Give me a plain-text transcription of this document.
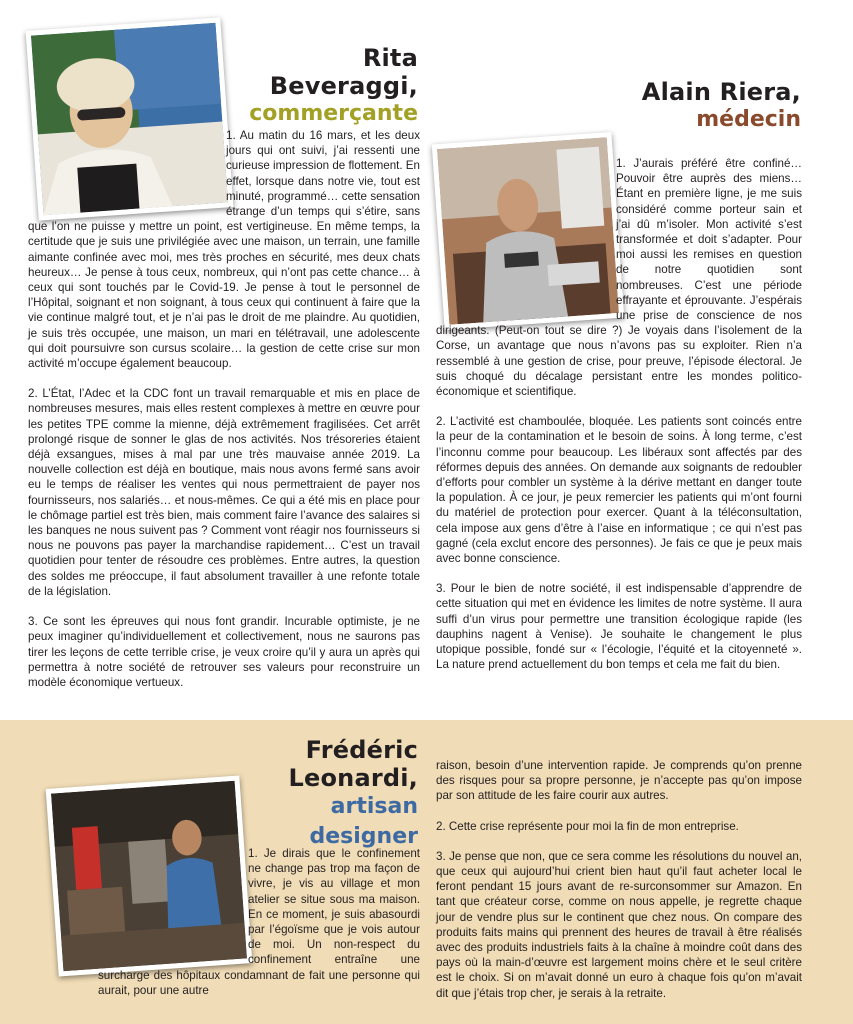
Rita Beveraggi,
commerçante

1. Au matin du 16 mars, et les deux jours qui ont suivi, j’ai ressenti une curieuse impression de flottement. En effet, lorsque dans notre vie, tout est minuté, programmé… cette sensation étrange d’un temps qui s’étire, sans que l’on ne puisse y mettre un point, est vertigineuse. En même temps, la certitude que je suis une privilégiée avec une maison, un terrain, une famille aimante confinée avec moi, mes très proches en sécurité, mes deux chats heureux… Je pense à tous ceux, nombreux, qui n’ont pas cette chance… à ceux qui sont touchés par le Covid-19. Je pense à tout le personnel de l’Hôpital, soignant et non soignant, à tous ceux qui continuent à faire que la vie continue malgré tout, et je n’ai pas le droit de me plaindre. Au quotidien, je suis très occupée, une maison, un mari en télétravail, une adolescente qui doit poursuivre son cursus scolaire… la gestion de cette crise sur mon activité m’occupe également beaucoup.

2. L’État, l’Adec et la CDC font un travail remarquable et mis en place de nombreuses mesures, mais elles restent complexes à mettre en œuvre pour les petites TPE comme la mienne, déjà extrêmement fragilisées. Cet arrêt prolongé risque de sonner le glas de nos activités. Nos trésoreries étaient déjà exsangues, mises à mal par une très mauvaise année 2019. La nouvelle collection est déjà en boutique, mais nous avons fermé sans avoir eu le temps de réaliser les ventes qui nous permettraient de payer nos fournisseurs, nos salariés… et nous-mêmes. Ce qui a été mis en place pour le chômage partiel est très bien, mais comment faire l’avance des salaires si les banques ne nous suivent pas ? Comment vont réagir nos fournisseurs si nous ne pouvons pas payer la marchandise rapidement… C’est un travail quotidien pour tenter de résoudre ces problèmes. Entre autres, la question des soldes me préoccupe, il faut absolument travailler à une refonte totale de la législation.

3. Ce sont les épreuves qui nous font grandir. Incurable optimiste, je ne peux imaginer qu’individuellement et collectivement, nous ne saurons pas tirer les leçons de cette terrible crise, je veux croire qu’il y aura un après qui permettra à notre société de retrouver ses valeurs pour reconstruire un modèle économique vertueux.

Alain Riera,
médecin

1. J’aurais préféré être confiné… Pouvoir être auprès des miens… Étant en première ligne, je me suis considéré comme porteur sain et j’ai dû m’isoler. Mon activité s’est transformée et doit s’adapter. Pour moi aussi les remises en question de notre quotidien sont nombreuses. C’est une période effrayante et éprouvante. J’espérais une prise de conscience de nos dirigeants. (Peut-on tout se dire ?) Je voyais dans l’isolement de la Corse, un avantage que nous n’avons pas su exploiter. Rien n’a ressemblé à une gestion de crise, pour preuve, l’épisode électoral. Je suis choqué du décalage persistant entre les mondes politico-économique et scientifique.

2. L’activité est chamboulée, bloquée. Les patients sont coincés entre la peur de la contamination et le besoin de soins. À long terme, c’est l’inconnu comme pour beaucoup. Les libéraux sont affectés par des réformes depuis des années. On demande aux soignants de redoubler d’efforts pour combler un système à la dérive mettant en danger toute la population. À ce jour, je peux remercier les patients qui m’ont fourni du matériel de protection pour exercer. Quant à la téléconsultation, cela impose aux gens d’être à l’aise en informatique ; ce qui n’est pas gagné (cela exclut encore des personnes). Je fais ce que je peux mais avec bonne conscience.

3. Pour le bien de notre société, il est indispensable d’apprendre de cette situation qui met en évidence les limites de notre système. Il aura suffi d’un virus pour permettre une transition écologique rapide (les dauphins nagent à Venise). Je souhaite le changement le plus utopique possible, fondé sur « l’écologie, l’équité et la citoyenneté ». La nature prend actuellement du bon temps et cela me fait du bien.

Frédéric Leonardi,
artisan
designer

1. Je dirais que le confinement ne change pas trop ma façon de vivre, je vis au village et mon atelier se situe sous ma maison. En ce moment, je suis abasourdi par l’égoïsme que je vois autour de moi. Un non-respect du confinement entraîne une surcharge des hôpitaux condamnant de fait une personne qui aurait, pour une autre

raison, besoin d’une intervention rapide. Je comprends qu’on prenne des risques pour sa propre personne, je n’accepte pas qu’on impose par son attitude de les faire courir aux autres.

2. Cette crise représente pour moi la fin de mon entreprise.

3. Je pense que non, que ce sera comme les résolutions du nouvel an, que ceux qui aujourd’hui crient bien haut qu’il faut acheter local le feront pendant 15 jours avant de re-surconsommer sur Amazon. En tant que créateur corse, comme on nous appelle, je regrette chaque jour de vendre plus sur le continent que chez nous. On compare des produits faits mains qui prennent des heures de travail à être réalisés avec des produits industriels faits à la chaîne à moindre coût dans des pays où la main-d’œuvre est largement moins chère et le seul critère est le choix. Si on m’avait donné un euro à chaque fois qu’on m’avait dit que j’étais trop cher, je serais à la retraite.
